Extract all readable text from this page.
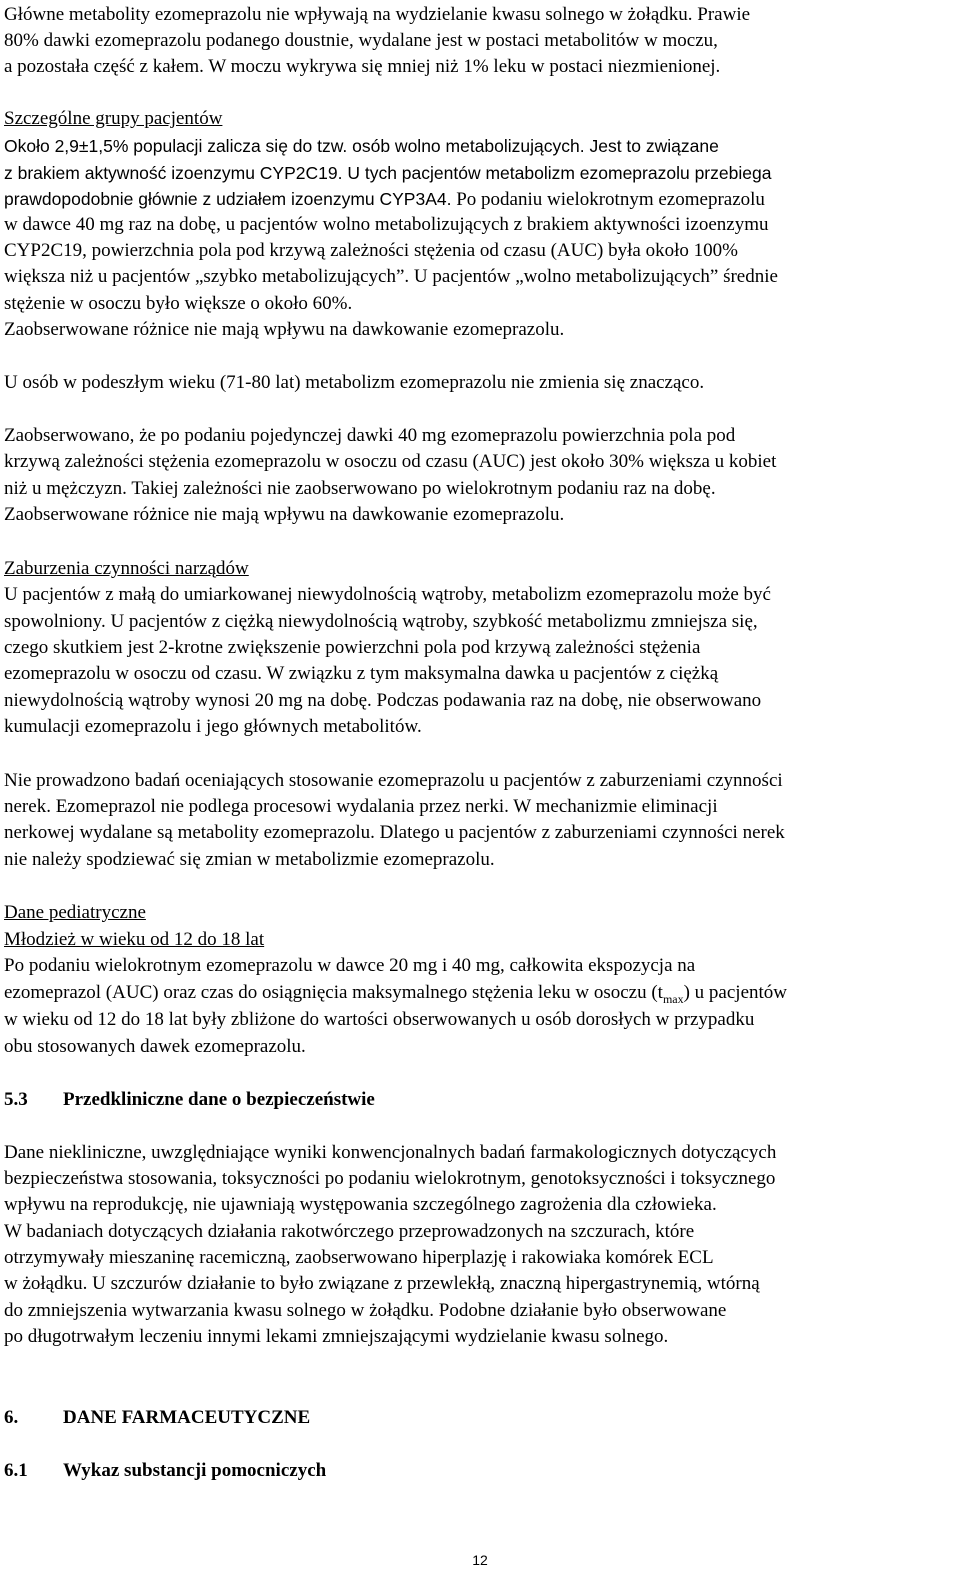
Główne metabolity ezomeprazolu nie wpływają na wydzielanie kwasu solnego w żołądku. Prawie
80% dawki ezomeprazolu podanego doustnie, wydalane jest w postaci metabolitów w moczu,
a pozostała część z kałem. W moczu wykrywa się mniej niż 1% leku w postaci niezmienionej.
Szczególne grupy pacjentów
Około 2,9±1,5% populacji zalicza się do tzw. osób wolno metabolizujących. Jest to związane
z brakiem aktywność izoenzymu CYP2C19. U tych pacjentów metabolizm ezomeprazolu przebiega
prawdopodobnie głównie z udziałem izoenzymu CYP3A4. Po podaniu wielokrotnym ezomeprazolu
w dawce 40 mg raz na dobę, u pacjentów wolno metabolizujących z brakiem aktywności izoenzymu
CYP2C19, powierzchnia pola pod krzywą zależności stężenia od czasu (AUC) była około 100%
większa niż u pacjentów „szybko metabolizujących”. U pacjentów „wolno metabolizujących” średnie
stężenie w osoczu było większe o około 60%.
Zaobserwowane różnice nie mają wpływu na dawkowanie ezomeprazolu.
U osób w podeszłym wieku (71-80 lat) metabolizm ezomeprazolu nie zmienia się znacząco.
Zaobserwowano, że po podaniu pojedynczej dawki 40 mg ezomeprazolu powierzchnia pola pod
krzywą zależności stężenia ezomeprazolu w osoczu od czasu (AUC) jest około 30% większa u kobiet
niż u mężczyzn. Takiej zależności nie zaobserwowano po wielokrotnym podaniu raz na dobę.
Zaobserwowane różnice nie mają wpływu na dawkowanie ezomeprazolu.
Zaburzenia czynności narządów
U pacjentów z małą do umiarkowanej niewydolnością wątroby, metabolizm ezomeprazolu może być
spowolniony. U pacjentów z ciężką niewydolnością wątroby, szybkość metabolizmu zmniejsza się,
czego skutkiem jest 2-krotne zwiększenie powierzchni pola pod krzywą zależności stężenia
ezomeprazolu w osoczu od czasu. W związku z tym maksymalna dawka u pacjentów z ciężką
niewydolnością wątroby wynosi 20 mg na dobę. Podczas podawania raz na dobę, nie obserwowano
kumulacji ezomeprazolu i jego głównych metabolitów.
Nie prowadzono badań oceniających stosowanie ezomeprazolu u pacjentów z zaburzeniami czynności
nerek. Ezomeprazol nie podlega procesowi wydalania przez nerki. W mechanizmie eliminacji
nerkowej wydalane są metabolity ezomeprazolu. Dlatego u pacjentów z zaburzeniami czynności nerek
nie należy spodziewać się zmian w metabolizmie ezomeprazolu.
Dane pediatryczne
Młodzież w wieku od 12 do 18 lat
Po podaniu wielokrotnym ezomeprazolu w dawce 20 mg i 40 mg, całkowita ekspozycja na
ezomeprazol (AUC) oraz czas do osiągnięcia maksymalnego stężenia leku w osoczu $(t_{max})$ u pacjentów
w wieku od 12 do 18 lat były zbliżone do wartości obserwowanych u osób dorosłych w przypadku
obu stosowanych dawek ezomeprazolu.
5.3 Przedkliniczne dane o bezpieczeństwie
Dane niekliniczne, uwzględniające wyniki konwencjonalnych badań farmakologicznych dotyczących
bezpieczeństwa stosowania, toksyczności po podaniu wielokrotnym, genotoksyczności i toksycznego
wpływu na reprodukcję, nie ujawniają występowania szczególnego zagrożenia dla człowieka.
W badaniach dotyczących działania rakotwórczego przeprowadzonych na szczurach, które
otrzymywały mieszaninę racemiczną, zaobserwowano hiperplazję i rakowiaka komórek ECL
w żołądku. U szczurów działanie to było związane z przewlekłą, znaczną hipergastrynemią, wtórną
do zmniejszenia wytwarzania kwasu solnego w żołądku. Podobne działanie było obserwowane
po długotrwałym leczeniu innymi lekami zmniejszającymi wydzielanie kwasu solnego.
6. DANE FARMACEUTYCZNE
6.1 Wykaz substancji pomocniczych
12
